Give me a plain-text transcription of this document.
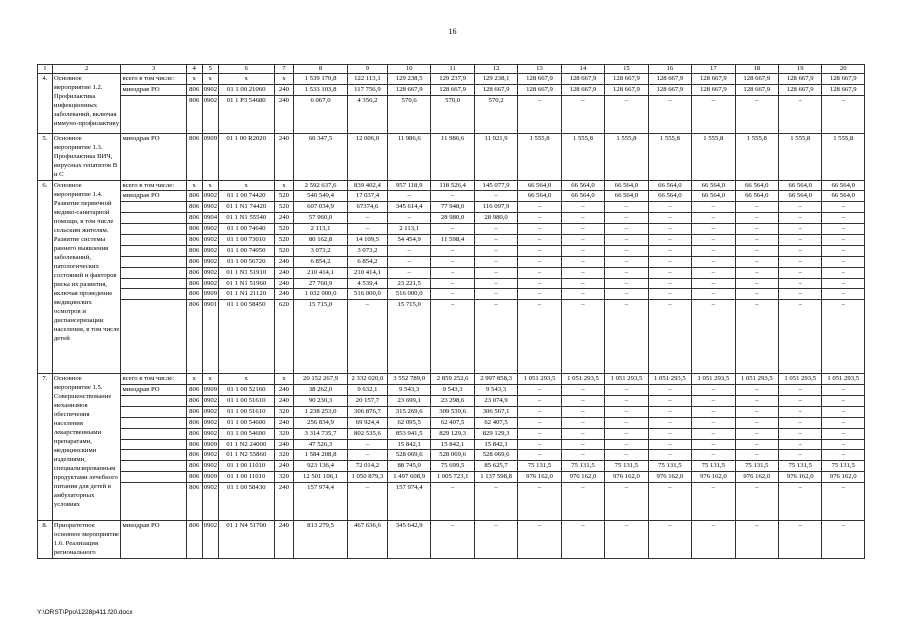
16
1	2	3	4	5	6	7	8	9	10	11	12	13	14	15	16	17	18	19	20
4.	Основное мероприятие 1.2. Профилактика инфекционных заболеваний, включая иммуно-профилактику	всего в том числе:	x	x	x	x	1 539 170,8	122 113,1	129 238,5	129 237,9	129 238,1	128 667,9	128 667,9	128 667,9	128 667,9	128 667,9	128 667,9	128 667,9	128 667,9
		минздрав РО	806	0902	01 1 00 21060	240	1 533 103,8	117 756,9	128 667,9	128 667,9	128 667,9	128 667,9	128 667,9	128 667,9	128 667,9	128 667,9	128 667,9	128 667,9	128 667,9
			806	0902	01 1 P3 54680	240	6 067,0	4 356,2	570,6	570,0	570,2	–	–	–	–	–	–	–	–
5.	Основное мероприятие 1.3. Профилактика ВИЧ, вирусных гепатитов В и С	минздрав РО	806	0909	01 1 00 R2020	240	60 347,5	12 006,0	11 986,6	11 986,6	11 921,9	1 555,8	1 555,8	1 555,8	1 555,8	1 555,8	1 555,8	1 555,8	1 555,8
6.	Основное мероприятие 1.4. Развитие первичной медико-санитарной помощи, в том числе сельским жителям. Развитие системы раннего выявления заболеваний, патологических состояний и факторов риска их развития, включая проведение медицинских осмотров и диспансеризации населения, в том числе детей	всего в том числе:	x	x	x	x	2 592 637,6	839 402,4	957 118,9	118 526,4	145 077,9	66 564,0	66 564,0	66 564,0	66 564,0	66 564,0	66 564,0	66 564,0	66 564,0
		минздрав РО	806	0902	01 1 00 74420	520	540 549,4	17 037,4	–	–	–	66 564,0	66 564,0	66 564,0	66 564,0	66 564,0	66 564,0	66 564,0	66 564,0
			806	0902	01 1 N1 74420	520	607 034,9	67374,6	345 614,4	77 948,0	116 097,9	–	–	–	–	–	–	–	–
			806	0904	01 1 N1 55540	240	57 960,0	–	–	28 980,0	28 980,0	–	–	–	–	–	–	–	–
			806	0902	01 1 00 74640	520	2 113,1	–	2 113,1	–	–	–	–	–	–	–	–	–	–
			806	0902	01 1 00 73010	520	80 162,8	14 109,5	54 454,9	11 598,4	–	–	–	–	–	–	–	–	–
			806	0902	01 1 00 74050	520	3 073,2	3 073,2	–	–	–	–	–	–	–	–	–	–	–
			806	0902	01 1 00 56720	240	6 854,2	6 854,2	–	–	–	–	–	–	–	–	–	–	–
			806	0902	01 1 N1 51910	240	210 414,1	210 414,1	–	–	–	–	–	–	–	–	–	–	–
			806	0902	01 1 N1 51960	240	27 760,9	4 539,4	23 221,5	–	–	–	–	–	–	–	–	–	–
			806	0909	01 1 N1 21120	240	1 032 000,0	516 000,0	516 000,0	–	–	–	–	–	–	–	–	–	–
			806	0901	01 1 00 58450	620	15 715,0	–	15 715,0	–	–	–	–	–	–	–	–	–	–
7.	Основное мероприятие 1.5. Совершенствование механизмов обеспечения населения лекарственными препаратами, медицинскими изделиями, специализированным продуктами лечебного питания для детей в амбулаторных условиях	всего в том числе:	x	x	x	x	20 152 267,9	2 332 020,0	3 552 789,0	2 859 252,6	2 997 858,3	1 051 293,5	1 051 293,5	1 051 293,5	1 051 293,5	1 051 293,5	1 051 293,5	1 051 293,5	1 051 293,5
		минздрав РО	806	0909	01 1 00 52160	240	38 262,0	9 632,1	9 543,3	9 543,3	9 543,3	–	–	–	–	–	–	–	–
			806	0902	01 1 00 51610	240	90 230,3	20 157,7	23 699,1	23 298,6	23 074,9	–	–	–	–	–	–	–	–
			806	0902	01 1 00 51610	320	1 238 253,0	306 876,7	315 269,6	309 539,6	306 567,1	–	–	–	–	–	–	–	–
			806	0902	01 1 00 54600	240	256 834,9	69 924,4	62 095,5	62 407,5	62 407,5	–	–	–	–	–	–	–	–
			806	0902	01 1 00 54600	320	3 314 735,7	802 535,6	853 941,5	829 129,3	829 129,3	–	–	–	–	–	–	–	–
			806	0909	01 1 N2 24000	240	47 526,3	–	15 842,1	15 842,1	15 842,1	–	–	–	–	–	–	–	–
			806	0902	01 1 N2 55860	320	1 584 208,8	–	528 069,6	528 069,6	528 069,6	–	–	–	–	–	–	–	–
			806	0902	01 1 00 11010	240	923 136,4	72 014,2	88 745,0	75 699,5	85 625,7	75 131,5	75 131,5	75 131,5	75 131,5	75 131,5	75 131,5	75 131,5	75 131,5
			806	0909	01 1 00 11010	320	12 501 106,1	1 050 879,3	1 497 608,9	1 005 723,1	1 137 598,8	976 162,0	976 162,0	976 162,0	976 162,0	976 162,0	976 162,0	976 162,0	976 162,0
			806	0902	01 1 00 58430	240	157 974,4	–	157 974,4	–	–	–	–	–	–	–	–	–	–
8.	Приоритетное основное мероприятие 1.6. Реализация регионального	минздрав РО	806	0902	01 1 N4 51700	240	813 279,5	467 636,6	345 642,9	–	–	–	–	–	–	–	–	–	–
Y:\ORST\Ppo\1228p411.f20.docx
